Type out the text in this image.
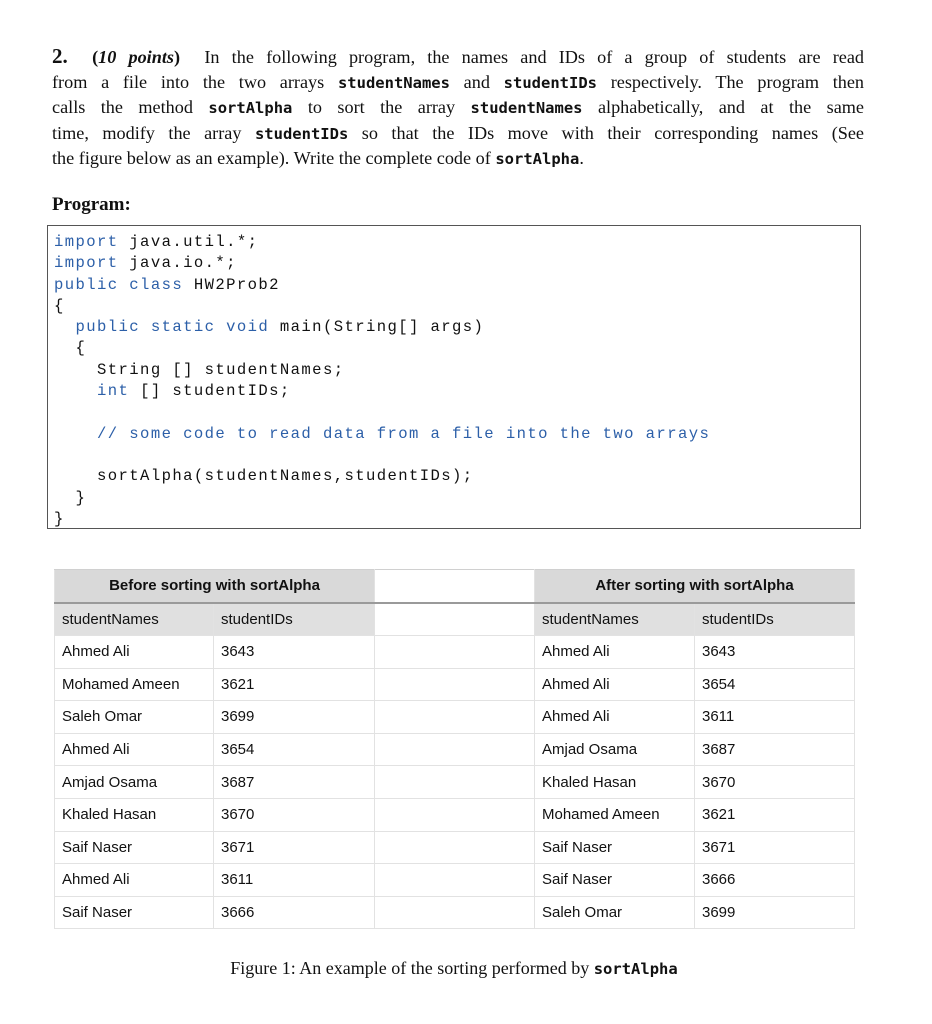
2. (10 points) In the following program, the names and IDs of a group of students are read
from a file into the two arrays studentNames and studentIDs respectively. The program then
calls the method sortAlpha to sort the array studentNames alphabetically, and at the same
time, modify the array studentIDs so that the IDs move with their corresponding names (See
the figure below as an example). Write the complete code of sortAlpha.
Program:
import java.util.*;
import java.io.*;
public class HW2Prob2
{
public static void main(String[] args)
{
String [] studentNames;
int [] studentIDs;

// some code to read data from a file into the two arrays

sortAlpha(studentNames,studentIDs);
}
}
Before sorting with sortAlpha			After sorting with sortAlpha	
studentNames	studentIDs		studentNames	studentIDs
Ahmed Ali	3643		Ahmed Ali	3643
Mohamed Ameen	3621		Ahmed Ali	3654
Saleh Omar	3699		Ahmed Ali	3611
Ahmed Ali	3654		Amjad Osama	3687
Amjad Osama	3687		Khaled Hasan	3670
Khaled Hasan	3670		Mohamed Ameen	3621
Saif Naser	3671		Saif Naser	3671
Ahmed Ali	3611		Saif Naser	3666
Saif Naser	3666		Saleh Omar	3699
Figure 1: An example of the sorting performed by sortAlpha
